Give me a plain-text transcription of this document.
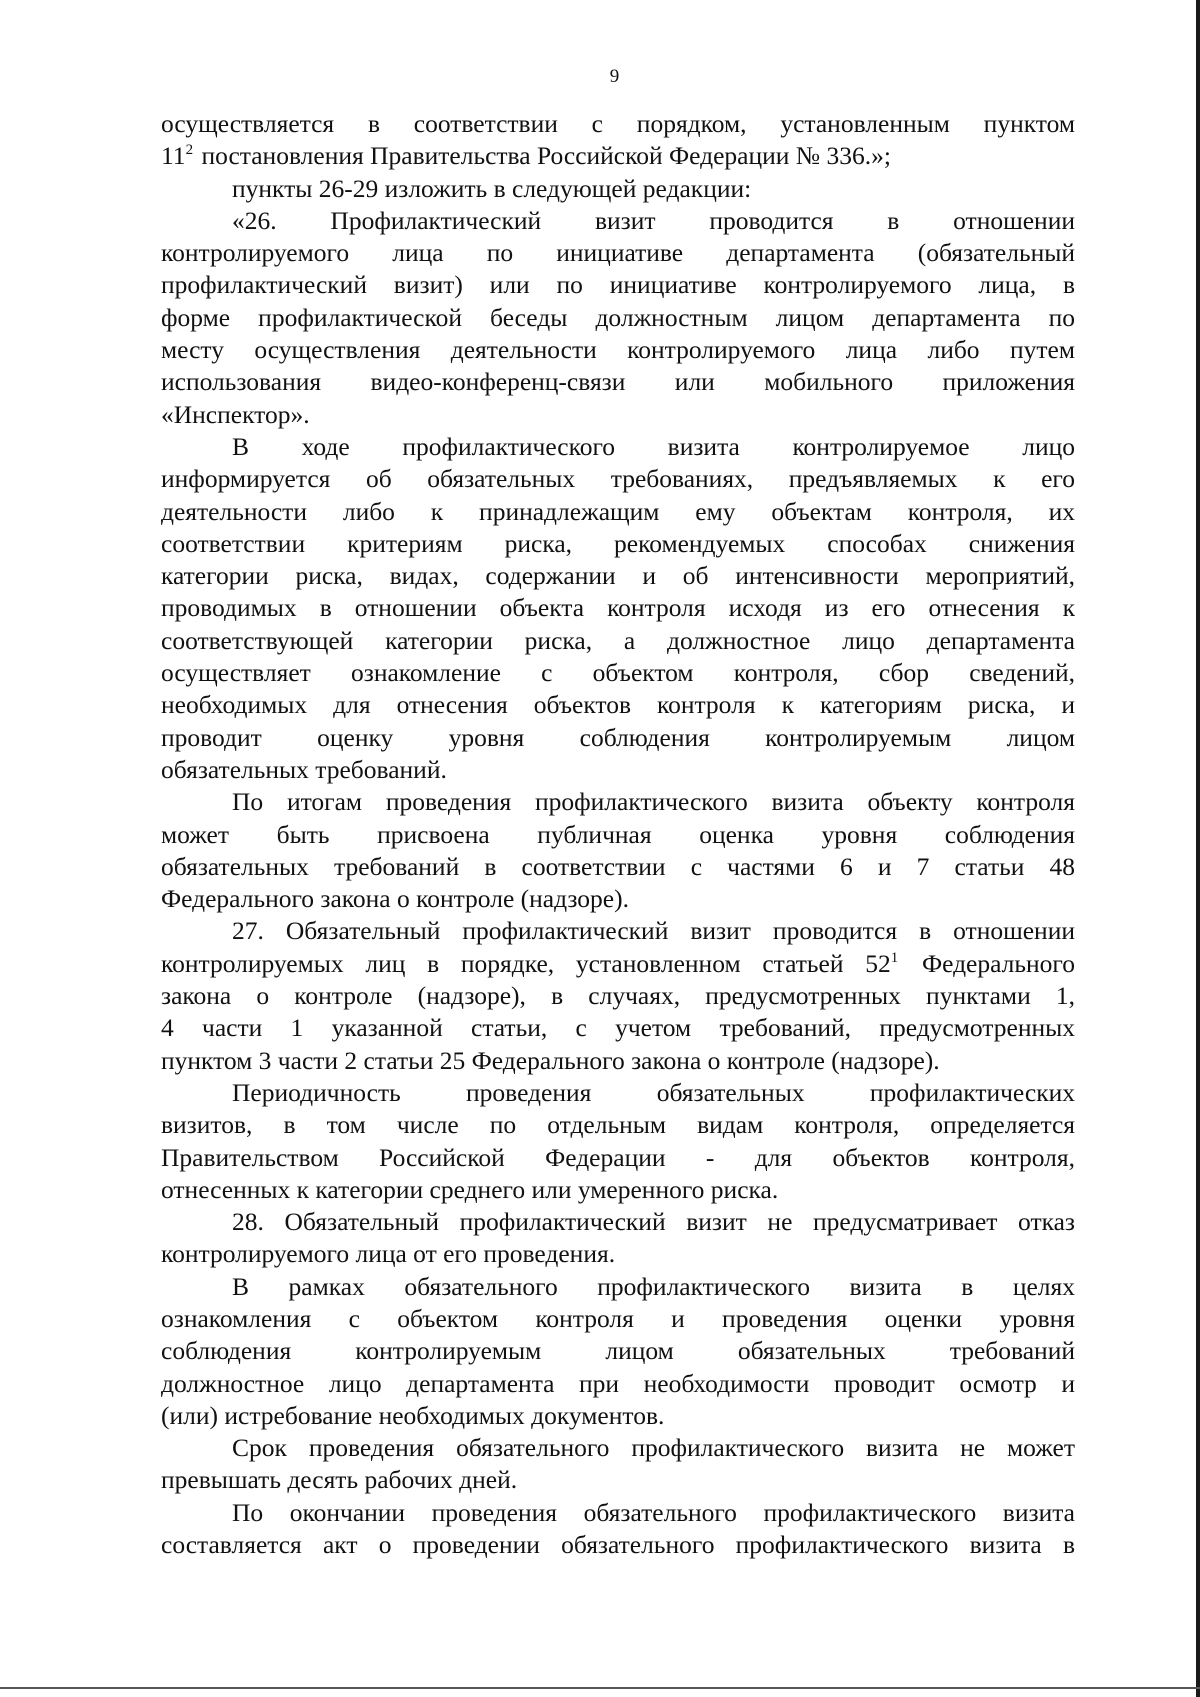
9
осуществляется в соответствии с порядком, установленным пунктом
$11^2$ постановления Правительства Российской Федерации № 336.»;
пункты 26-29 изложить в следующей редакции:
«26. Профилактический визит проводится в отношении
контролируемого лица по инициативе департамента (обязательный
профилактический визит) или по инициативе контролируемого лица, в
форме профилактической беседы должностным лицом департамента по
месту осуществления деятельности контролируемого лица либо путем
использования видео-конференц-связи или мобильного приложения
«Инспектор».
В ходе профилактического визита контролируемое лицо
информируется об обязательных требованиях, предъявляемых к его
деятельности либо к принадлежащим ему объектам контроля, их
соответствии критериям риска, рекомендуемых способах снижения
категории риска, видах, содержании и об интенсивности мероприятий,
проводимых в отношении объекта контроля исходя из его отнесения к
соответствующей категории риска, а должностное лицо департамента
осуществляет ознакомление с объектом контроля, сбор сведений,
необходимых для отнесения объектов контроля к категориям риска, и
проводит оценку уровня соблюдения контролируемым лицом
обязательных требований.
По итогам проведения профилактического визита объекту контроля
может быть присвоена публичная оценка уровня соблюдения
обязательных требований в соответствии с частями 6 и 7 статьи 48
Федерального закона о контроле (надзоре).
27. Обязательный профилактический визит проводится в отношении
контролируемых лиц в порядке, установленном статьей $52^1$ Федерального
закона о контроле (надзоре), в случаях, предусмотренных пунктами 1,
4 части 1 указанной статьи, с учетом требований, предусмотренных
пунктом 3 части 2 статьи 25 Федерального закона о контроле (надзоре).
Периодичность проведения обязательных профилактических
визитов, в том числе по отдельным видам контроля, определяется
Правительством Российской Федерации - для объектов контроля,
отнесенных к категории среднего или умеренного риска.
28. Обязательный профилактический визит не предусматривает отказ
контролируемого лица от его проведения.
В рамках обязательного профилактического визита в целях
ознакомления с объектом контроля и проведения оценки уровня
соблюдения контролируемым лицом обязательных требований
должностное лицо департамента при необходимости проводит осмотр и
(или) истребование необходимых документов.
Срок проведения обязательного профилактического визита не может
превышать десять рабочих дней.
По окончании проведения обязательного профилактического визита
составляется акт о проведении обязательного профилактического визита в
